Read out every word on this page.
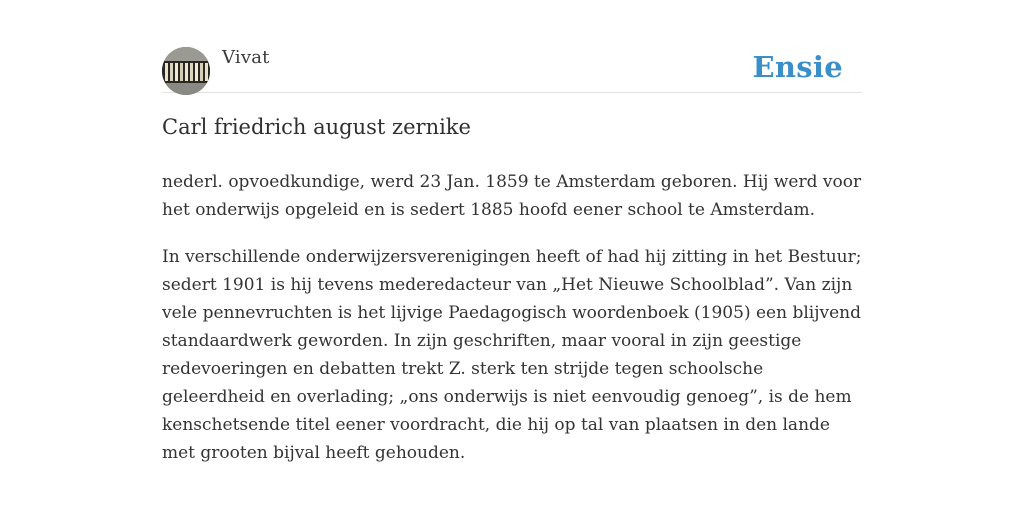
Vivat	Ensie
Carl friedrich august zernike

nederl. opvoedkundige, werd 23 Jan. 1859 te Amsterdam geboren. Hij werd voor het onderwijs opgeleid en is sedert 1885 hoofd eener school te Amsterdam.

In verschillende onderwijzersverenigingen heeft of had hij zitting in het Bestuur; sedert 1901 is hij tevens mederedacteur van „Het Nieuwe Schoolblad”. Van zijn vele pennevruchten is het lijvige Paedagogisch woordenboek (1905) een blijvend standaardwerk geworden. In zijn geschriften, maar vooral in zijn geestige redevoeringen en debatten trekt Z. sterk ten strijde tegen schoolsche geleerdheid en overlading; „ons onderwijs is niet eenvoudig genoeg”, is de hem kenschetsende titel eener voordracht, die hij op tal van plaatsen in den lande met grooten bijval heeft gehouden.
